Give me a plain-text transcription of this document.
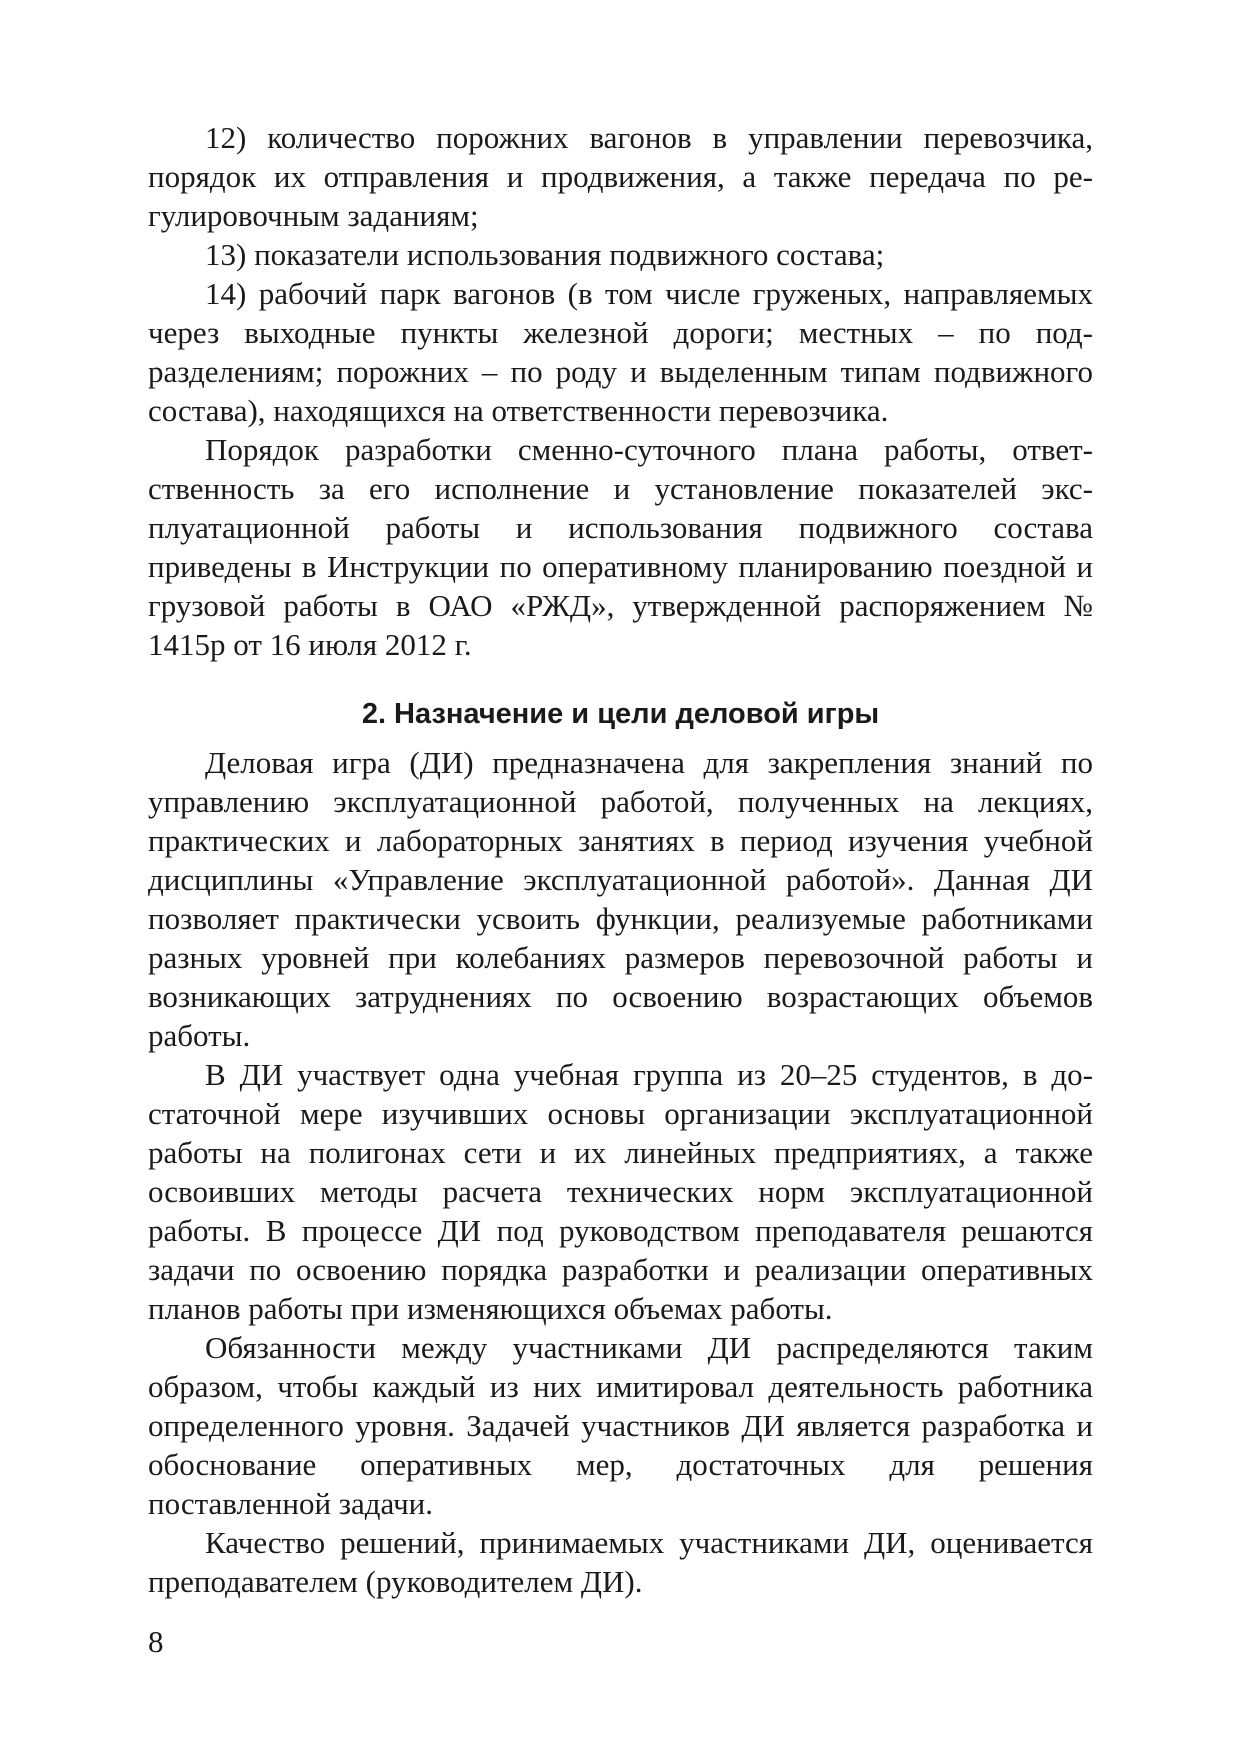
12) количество порожних вагонов в управлении перевозчика, порядок их отправления и продвижения, а также передача по регулировочным заданиям;

13) показатели использования подвижного состава;

14) рабочий парк вагонов (в том числе груженых, направляемых через выходные пункты железной дороги; местных – по подразделениям; порожних – по роду и выделенным типам подвижного состава), находящихся на ответственности перевозчика.

Порядок разработки сменно-суточного плана работы, ответственность за его исполнение и установление показателей эксплуатационной работы и использования подвижного состава приведены в Инструкции по оперативному планированию поездной и грузовой работы в ОАО «РЖД», утвержденной распоряжением № 1415р от 16 июля 2012 г.

2. Назначение и цели деловой игры

Деловая игра (ДИ) предназначена для закрепления знаний по управлению эксплуатационной работой, полученных на лекциях, практических и лабораторных занятиях в период изучения учебной дисциплины «Управление эксплуатационной работой». Данная ДИ позволяет практически усвоить функции, реализуемые работниками разных уровней при колебаниях размеров перевозочной работы и возникающих затруднениях по освоению возрастающих объемов работы.

В ДИ участвует одна учебная группа из 20–25 студентов, в достаточной мере изучивших основы организации эксплуатационной работы на полигонах сети и их линейных предприятиях, а также освоивших методы расчета технических норм эксплуатационной работы. В процессе ДИ под руководством преподавателя решаются задачи по освоению порядка разработки и реализации оперативных планов работы при изменяющихся объемах работы.

Обязанности между участниками ДИ распределяются таким образом, чтобы каждый из них имитировал деятельность работника определенного уровня. Задачей участников ДИ является разработка и обоснование оперативных мер, достаточных для решения поставленной задачи.

Качество решений, принимаемых участниками ДИ, оценивается преподавателем (руководителем ДИ).

8
